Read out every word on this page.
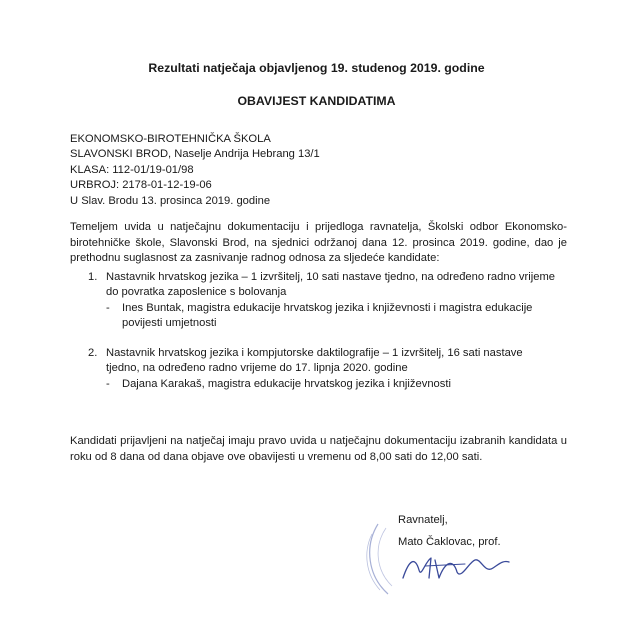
Rezultati natječaja objavljenog 19. studenog 2019. godine
OBAVIJEST KANDIDATIMA
EKONOMSKO-BIROTEHNIČKA ŠKOLA
SLAVONSKI BROD, Naselje Andrija Hebrang 13/1
KLASA: 112-01/19-01/98
URBROJ: 2178-01-12-19-06
U Slav. Brodu 13. prosinca 2019. godine
Temeljem uvida u natječajnu dokumentaciju i prijedloga ravnatelja, Školski odbor Ekonomsko-birotehničke škole, Slavonski Brod, na sjednici održanoj dana 12. prosinca 2019. godine, dao je prethodnu suglasnost za zasnivanje radnog odnosa za sljedeće kandidate:
1. Nastavnik hrvatskog jezika – 1 izvršitelj, 10 sati nastave tjedno, na određeno radno vrijeme do povratka zaposlenice s bolovanja
- Ines Buntak, magistra edukacije hrvatskog jezika i književnosti i magistra edukacije povijesti umjetnosti
2. Nastavnik hrvatskog jezika i kompjutorske daktilografije – 1 izvršitelj, 16 sati nastave tjedno, na određeno radno vrijeme do 17. lipnja 2020. godine
- Dajana Karakaš, magistra edukacije hrvatskog jezika i književnosti
Kandidati prijavljeni na natječaj imaju pravo uvida u natječajnu dokumentaciju izabranih kandidata u roku od 8 dana od dana objave ove obavijesti u vremenu od 8,00 sati do 12,00 sati.
Ravnatelj,
Mato Čaklovac, prof.
